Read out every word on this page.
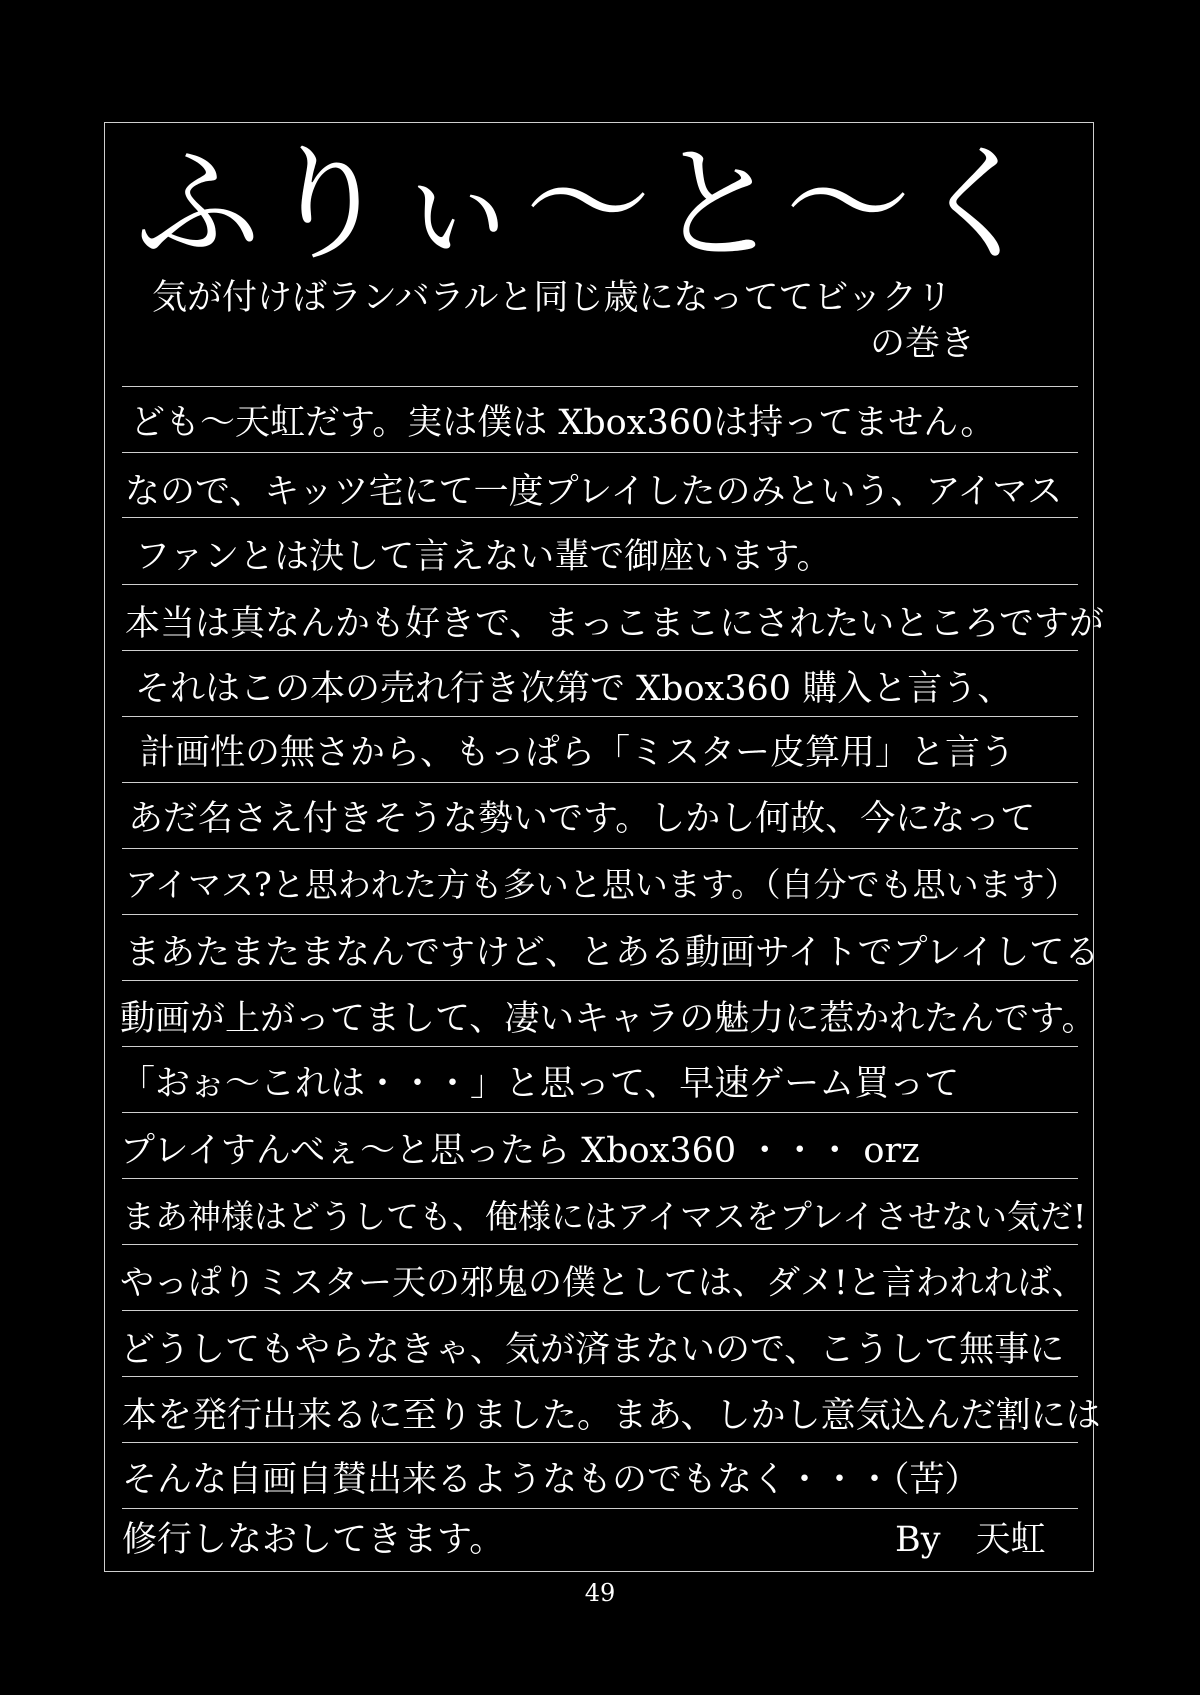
ふりぃ〜と〜く
気が付けばランバラルと同じ歳になっててビックリ
の巻き
ども〜天虹だす。実は僕は Xbox360は持ってません。
なので、キッツ宅にて一度プレイしたのみという、アイマス
ファンとは決して言えない輩で御座います。
本当は真なんかも好きで、まっこまこにされたいところですが
それはこの本の売れ行き次第で Xbox360 購入と言う、
計画性の無さから、もっぱら「ミスター皮算用」と言う
あだ名さえ付きそうな勢いです。しかし何故、今になって
アイマス?と思われた方も多いと思います。（自分でも思います）
まあたまたまなんですけど、とある動画サイトでプレイしてる
動画が上がってまして、凄いキャラの魅力に惹かれたんです。
「おぉ〜これは・・・」と思って、早速ゲーム買って
プレイすんべぇ〜と思ったら Xbox360 ・・・ orz
まあ神様はどうしても、俺様にはアイマスをプレイさせない気だ!
やっぱりミスター天の邪鬼の僕としては、ダメ!と言われれば、
どうしてもやらなきゃ、気が済まないので、こうして無事に
本を発行出来るに至りました。まあ、しかし意気込んだ割には
そんな自画自賛出来るようなものでもなく・・・（苦）
修行しなおしてきます。	By　天虹
49
